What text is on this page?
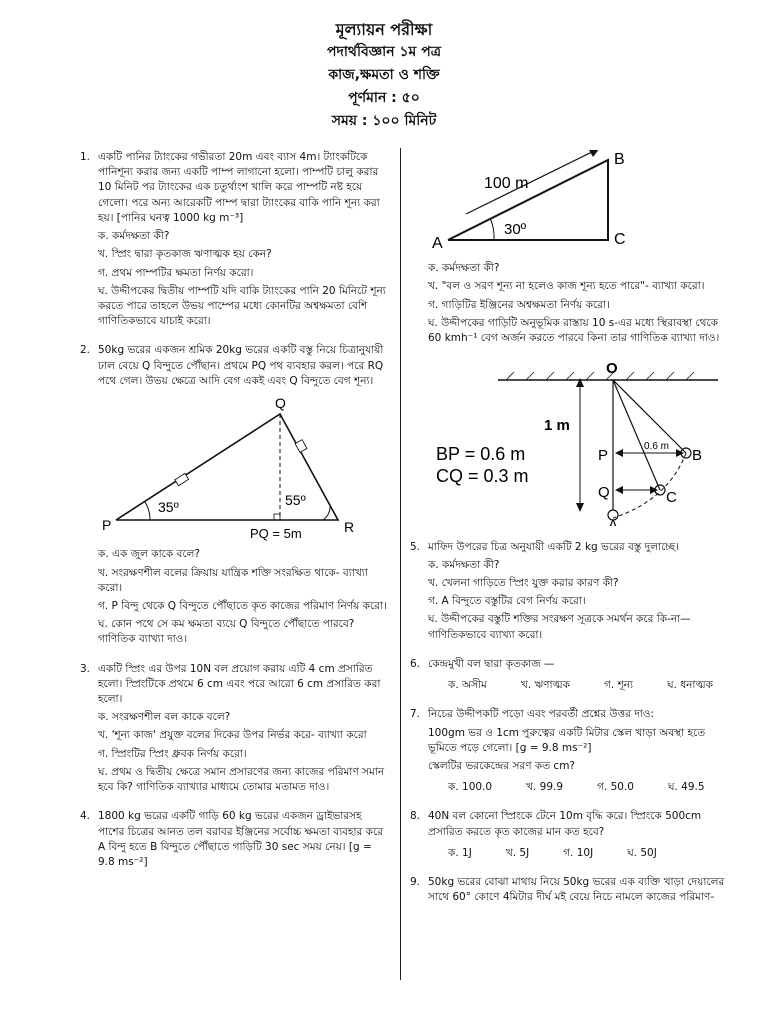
মূল্যায়ন পরীক্ষা
পদার্থবিজ্ঞান ১ম পত্র
কাজ,ক্ষমতা ও শক্তি
পূর্ণমান : ৫০
সময় : ১০০ মিনিট
1. একটি পানির ট্যাংকের গভীরতা 20m এবং ব্যাস 4m। ট্যাংকটিকে পানিশূন্য করার জন্য একটি পাম্প লাগানো হলো। পাম্পটি চালু করার 10 মিনিট পর ট্যাংকের এক চতুর্থাংশ খালি করে পাম্পটি নষ্ট হয়ে গেলো। পরে অন্য আরেকটি পাম্প দ্বারা ট্যাংকের বাকি পানি শূন্য করা হয়। [পানির ঘনত্ব 1000 kg m⁻³]

ক. কর্মদক্ষতা কী?

খ. স্প্রিং দ্বারা কৃতকাজ ঋণাত্মক হয় কেন?

গ. প্রথম পাম্পটির ক্ষমতা নির্ণয় করো।

ঘ. উদ্দীপকের দ্বিতীয় পাম্পটি যদি বাকি ট্যাংকের পানি 20 মিনিটে শূন্য করতে পারে তাহলে উভয় পাম্পের মধ্যে কোনটির অশ্বক্ষমতা বেশি গাণিতিকভাবে যাচাই করো।

2. 50kg ভরের একজন শ্রমিক 20kg ভরের একটি বস্তু নিয়ে চিত্রানুযায়ী ঢাল বেয়ে Q বিন্দুতে পৌঁছান। প্রথমে PQ পথ ব্যবহার করল। পরে RQ পথে গেল। উভয় ক্ষেত্রে আদি বেগ একই এবং Q বিন্দুতে বেগ শূন্য।

Q
P	R
35º	55º
PQ = 5m

ক. এক জুল কাকে বলে?

খ. সংরক্ষণশীল বলের ক্রিয়ায় যান্ত্রিক শক্তি সংরক্ষিত থাকে- ব্যাখ্যা করো।

গ. P বিন্দু থেকে Q বিন্দুতে পৌঁছাতে কৃত কাজের পরিমাণ নির্ণয় করো।

ঘ. কোন পথে সে কম ক্ষমতা ব্যয়ে Q বিন্দুতে পৌঁছাতে পারবে? গাণিতিক ব্যাখ্যা দাও।

3. একটি স্প্রিং এর উপর 10N বল প্রয়োগ করায় এটি 4 cm প্রসারিত হলো। স্প্রিংটিকে প্রথমে 6 cm এবং পরে আরো 6 cm প্রসারিত করা হলো।

ক. সংরক্ষণশীল বল কাকে বলে?

খ. 'শূন্য কাজ' প্রযুক্ত বলের দিকের উপর নির্ভর করে- ব্যাখ্যা করো

গ. স্প্রিংটির স্প্রিং ধ্রুবক নির্ণয় করো।

ঘ. প্রথম ও দ্বিতীয় ক্ষেত্রে সমান প্রসারণের জন্য কাজের পরিমাণ সমান হবে কি? গাণিতিক ব্যাখ্যার মাধ্যমে তোমার মতামত দাও।

4. 1800 kg ভরের একটি গাড়ি 60 kg ভরের একজন ড্রাইভারসহ পাশের চিত্রের আনত তল বরাবর ইঞ্জিনের সর্বোচ্চ ক্ষমতা ব্যবহার করে A বিন্দু হতে B বিন্দুতে পৌঁছাতে গাড়িটি 30 sec সময় নেয়। [g = 9.8 ms⁻²]

B
A	C
100 m
30º

ক. কর্মদক্ষতা কী?

খ. "বল ও সরণ শূন্য না হলেও কাজ শূন্য হতে পারে"- ব্যাখ্যা করো।

গ. গাড়িটির ইঞ্জিনের অশ্বক্ষমতা নির্ণয় করো।

ঘ. উদ্দীপকের গাড়িটি অনুভূমিক রাস্তায় 10 s-এর মধ্যে স্থিরাবস্থা থেকে 60 kmh⁻¹ বেগ অর্জন করতে পারবে কিনা তার গাণিতিক ব্যাখ্যা দাও।

O
1 m
0.6 m
P
Q
A
B
C
BP = 0.6 m
CQ = 0.3 m
5. মাফিদ উপরের চিত্র অনুযায়ী একটি 2 kg ভরের বস্তু দুলাচ্ছে।

ক. কর্মদক্ষতা কী?

খ. খেলনা গাড়িতে স্প্রিং যুক্ত করার কারণ কী?

গ. A বিন্দুতে বস্তুটির বেগ নির্ণয় করো।

ঘ. উদ্দীপকের বস্তুটি শক্তির সংরক্ষণ সূত্রকে সমর্থন করে কি-না— গাণিতিকভাবে ব্যাখ্যা করো।

6. কেন্দ্রমুখী বল দ্বারা কৃতকাজ —

ক. অসীম	খ. ঋণাত্মক	গ. শূন্য	ঘ. ধনাত্মক
7. নিচের উদ্দীপকটি পড়ো এবং পরবর্তী প্রশ্নের উত্তর দাও:

100gm ভর ও 1cm পুরুত্বের একটি মিটার স্কেল খাড়া অবস্থা হতে ভূমিতে পড়ে গেলো। [g = 9.8 ms⁻²]

স্কেলটির ভরকেন্দ্রের সরণ কত cm?

ক. 100.0	খ. 99.9	গ. 50.0	ঘ. 49.5
8. 40N বল কোনো স্প্রিংকে টেনে 10m বৃদ্ধি করে। স্প্রিংকে 500cm প্রসারিত করতে কৃত কাজের মান কত হবে?

ক. 1J	খ. 5J	গ. 10J	ঘ. 50J
9. 50kg ভরের বোঝা মাথায় নিয়ে 50kg ভরের এক ব্যক্তি খাড়া দেয়ালের সাথে 60° কোণে 4মিটার দীর্ঘ মই বেয়ে নিচে নামলে কাজের পরিমাণ-
